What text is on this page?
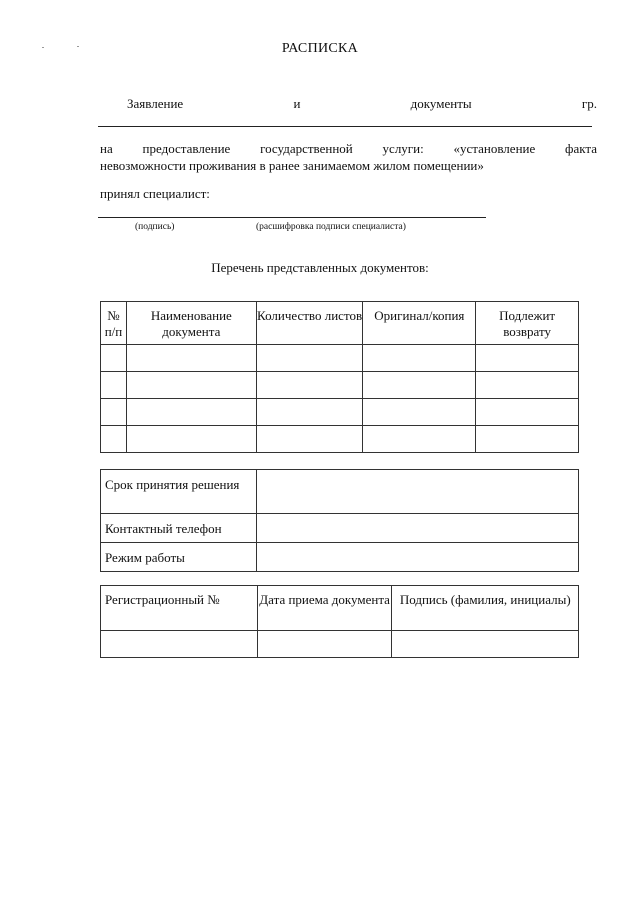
РАСПИСКА
Заявление	и	документы	гр.
на предоставление государственной услуги: «установление факта
невозможности проживания в ранее занимаемом жилом помещении»
принял специалист:
(подпись)	(расшифровка подписи специалиста)
Перечень представленных документов:
№ п/п	Наименование документа	Количество листов	Оригинал/копия	Подлежит возврату

Срок принятия решения	
Контактный телефон	
Режим работы	
Регистрационный №	Дата приема документа	Подпись (фамилия, инициалы)
